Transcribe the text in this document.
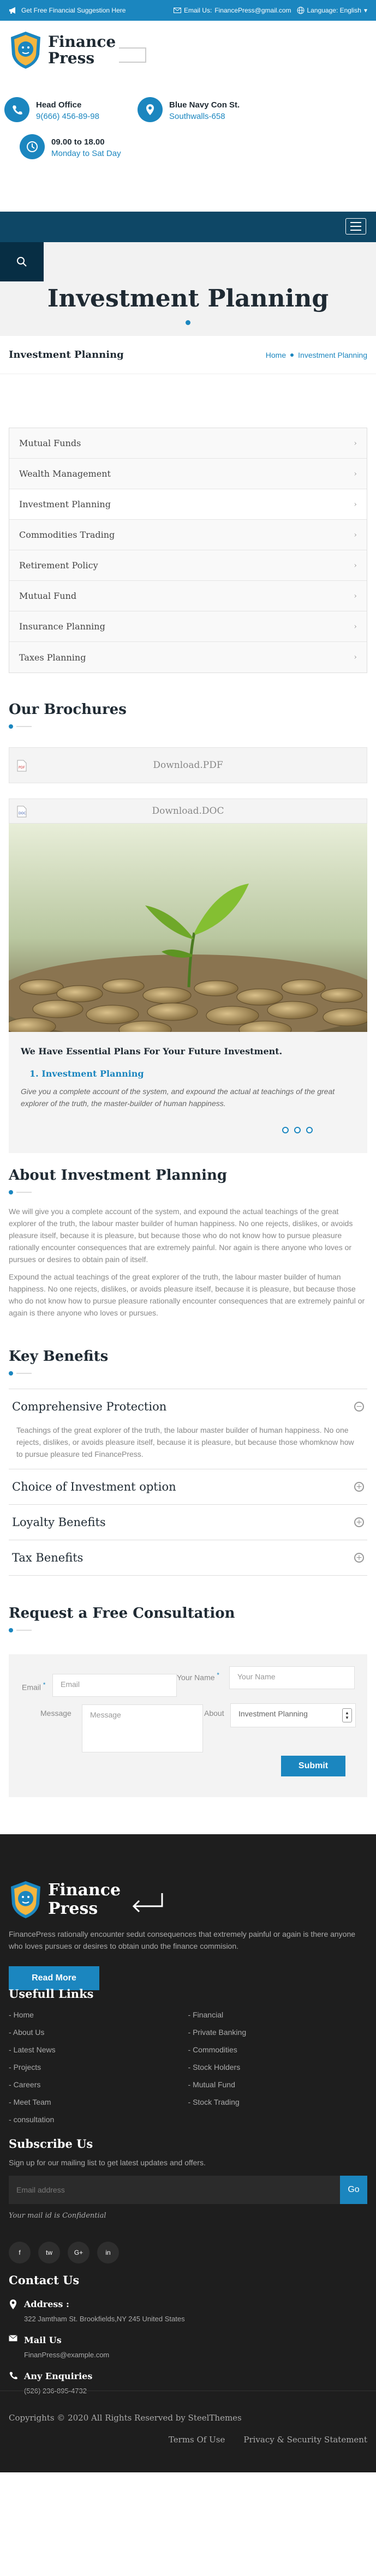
Get Free Financial Suggestion Here	Email Us: FinancePress@gmail.com Language: English ▾
Finance
Press
Head Office
9(666) 456-89-98
Blue Navy Con St.
Southwalls-658
09.00 to 18.00
Monday to Sat Day
Investment Planning
Investment Planning	Home Investment Planning
Mutual Funds	›
Wealth Management	›
Investment Planning	›
Commodities Trading	›
Retirement Policy	›
Mutual Fund	›
Insurance Planning	›
Taxes Planning	›
Our Brochures
PDF	Download.PDF
DOC	Download.DOC
We Have Essential Plans For Your Future Investment.
1. Investment Planning
Give you a complete account of the system, and expound the actual at teachings of the great explorer of the truth, the master-builder of human happiness.
About Investment Planning

We will give you a complete account of the system, and expound the actual teachings of the great explorer of the truth, the labour master builder of human happiness. No one rejects, dislikes, or avoids pleasure itself, because it is pleasure, but because those who do not know how to pursue pleasure rationally encounter consequences that are extremely painful. Nor again is there anyone who loves or pursues or desires to obtain pain of itself.

Expound the actual teachings of the great explorer of the truth, the labour master builder of human happiness. No one rejects, dislikes, or avoids pleasure itself, because it is pleasure, but because those who do not know how to pursue pleasure rationally encounter consequences that are extremely painful or again is there anyone who loves or pursues.

Key Benefits
Comprehensive Protection	−
Teachings of the great explorer of the truth, the labour master builder of human happiness. No one rejects, dislikes, or avoids pleasure itself, because it is pleasure, but because those whomknow how to pursue pleasure ted FinancePress.
Choice of Investment option	+
Loyalty Benefits	+
Tax Benefits	+
Request a Free Consultation
Email *	Email
Your Name *	Your Name
Message	Message	About	Investment Planning	▲
▼
Submit
Finance
Press

FinancePress rationally encounter sedut consequences that extremely painful or again is there anyone who loves pursues or desires to obtain undo the finance commision.

Read More
Usefull Links
- Home	- Financial
- About Us	- Private Banking
- Latest News	- Commodities
- Projects	- Stock Holders
- Careers	- Mutual Fund
- Meet Team	- Stock Trading
- consultation
Subscribe Us

Sign up for our mailing list to get latest updates and offers.

Email address	Go

Your mail id is Confidential

f	tw	G+	in
Contact Us
Address :
322 Jamtham St. Brookfields,NY 245 United States
Mail Us
FinanPress@example.com
Any Enquiries
(526) 236-895-4732
Copyrights © 2020 All Rights Reserved by SteelThemes
Terms Of Use Privacy & Security Statement
